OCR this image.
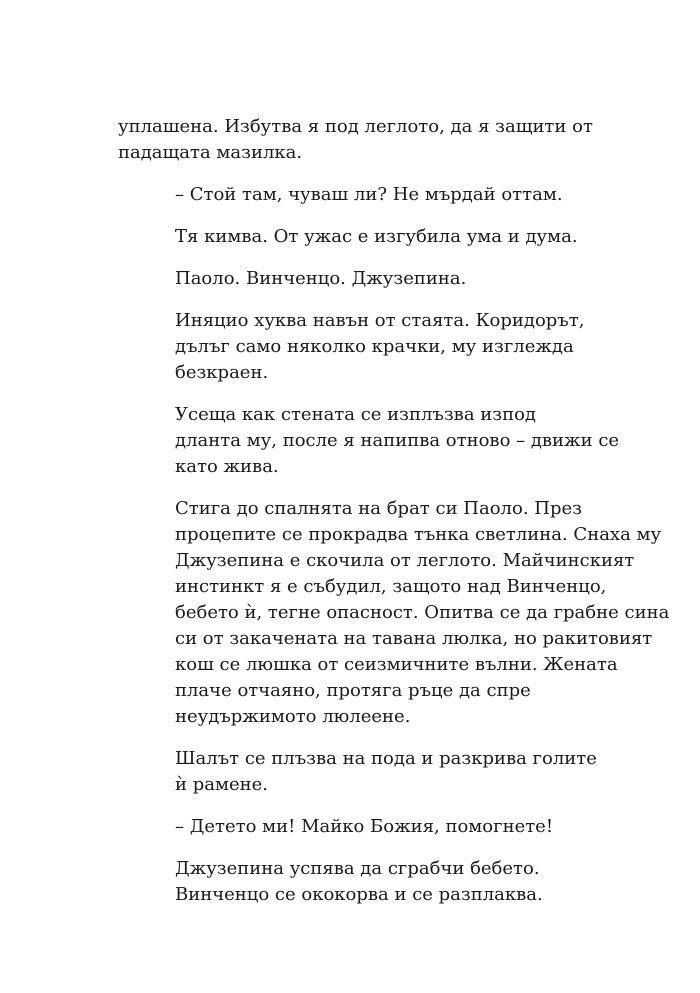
уплашена. Избутва я под леглото, да я защити от
падащата мазилка.

– Стой там, чуваш ли? Не мърдай оттам.

Тя кимва. От ужас е изгубила ума и дума.

Паоло. Винченцо. Джузепина.

Иняцио хуква навън от стаята. Коридорът,
дълъг само няколко крачки, му изглежда
безкраен.

Усеща как стената се изплъзва изпод
дланта му, после я напипва отново – движи се
като жива.

Стига до спалнята на брат си Паоло. През
процепите се прокрадва тънка светлина. Снаха му
Джузепина е скочила от леглото. Майчинският
инстинкт я е събудил, защото над Винченцо,
бебето ѝ, тегне опасност. Опитва се да грабне сина
си от закачената на тавана люлка, но ракитовият
кош се люшка от сеизмичните вълни. Жената
плаче отчаяно, протяга ръце да спре
неудържимото люлеене.

Шалът се плъзва на пода и разкрива голите
ѝ рамене.

– Детето ми! Майко Божия, помогнете!

Джузепина успява да сграбчи бебето.
Винченцо се ококорва и се разплаква.
